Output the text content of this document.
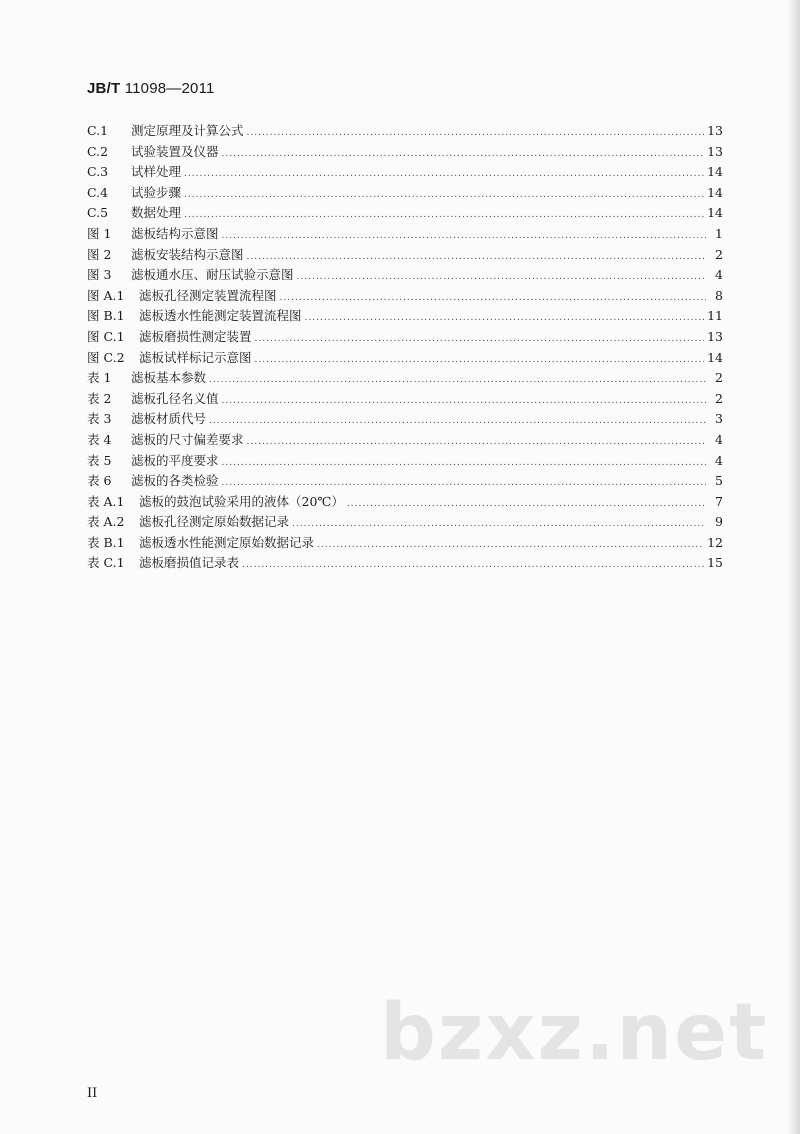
JB/T 11098—2011
C.1	测定原理及计算公式 .....	13
C.2	试验装置及仪器 .....	13
C.3	试样处理 .....	14
C.4	试验步骤 .....	14
C.5	数据处理 .....	14
图 1	滤板结构示意图 .....	1
图 2	滤板安装结构示意图 .....	2
图 3	滤板通水压、耐压试验示意图 .....	4
图 A.1	滤板孔径测定装置流程图 .....	8
图 B.1	滤板透水性能测定装置流程图 .....	11
图 C.1	滤板磨损性测定装置 .....	13
图 C.2	滤板试样标记示意图 .....	14
表 1	滤板基本参数 .....	2
表 2	滤板孔径名义值 .....	2
表 3	滤板材质代号 .....	3
表 4	滤板的尺寸偏差要求 .....	4
表 5	滤板的平度要求 .....	4
表 6	滤板的各类检验 .....	5
表 A.1	滤板的鼓泡试验采用的液体（20℃） .....	7
表 A.2	滤板孔径测定原始数据记录 .....	9
表 B.1	滤板透水性能测定原始数据记录 .....	12
表 C.1	滤板磨损值记录表 .....	15
II
bzxz.net
